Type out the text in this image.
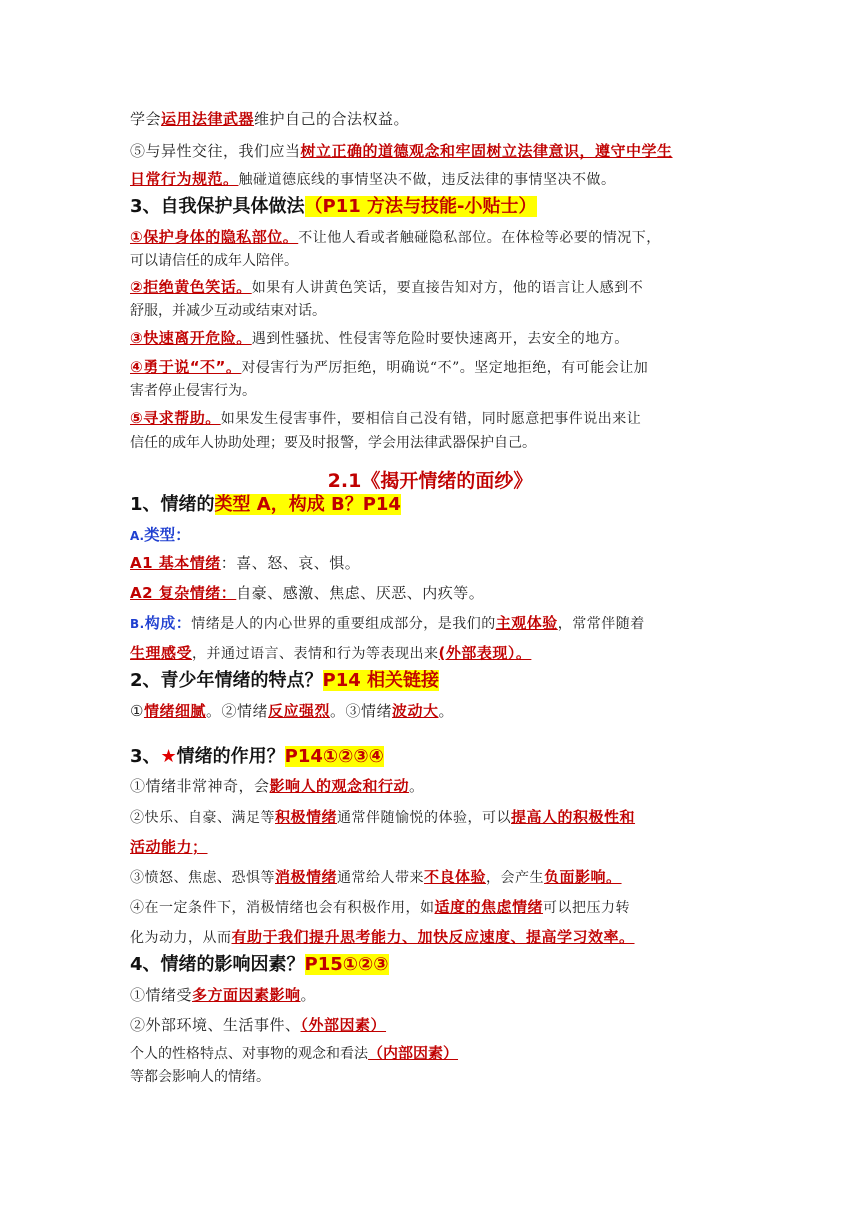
学会运用法律武器维护自己的合法权益。
⑤与异性交往，我们应当树立正确的道德观念和牢固树立法律意识，遵守中学生
日常行为规范。触碰道德底线的事情坚决不做，违反法律的事情坚决不做。
3、自我保护具体做法（P11 方法与技能-小贴士）
①保护身体的隐私部位。不让他人看或者触碰隐私部位。在体检等必要的情况下，
可以请信任的成年人陪伴。
②拒绝黄色笑话。如果有人讲黄色笑话，要直接告知对方，他的语言让人感到不
舒服，并减少互动或结束对话。
③快速离开危险。遇到性骚扰、性侵害等危险时要快速离开，去安全的地方。
④勇于说“不”。对侵害行为严厉拒绝，明确说“不”。坚定地拒绝，有可能会让加
害者停止侵害行为。
⑤寻求帮助。如果发生侵害事件，要相信自己没有错，同时愿意把事件说出来让
信任的成年人协助处理；要及时报警，学会用法律武器保护自己。
2.1《揭开情绪的面纱》
1、情绪的类型 A，构成 B？P14
A.类型：
A1 基本情绪：喜、怒、哀、惧。
A2 复杂情绪：自豪、感激、焦虑、厌恶、内疚等。
B.构成：情绪是人的内心世界的重要组成部分，是我们的主观体验，常常伴随着
生理感受，并通过语言、表情和行为等表现出来(外部表现）。
2、青少年情绪的特点？P14 相关链接
①情绪细腻。②情绪反应强烈。③情绪波动大。
3、★情绪的作用？P14①②③④
①情绪非常神奇，会影响人的观念和行动。
②快乐、自豪、满足等积极情绪通常伴随愉悦的体验，可以提高人的积极性和
活动能力；
③愤怒、焦虑、恐惧等消极情绪通常给人带来不良体验，会产生负面影响。
④在一定条件下，消极情绪也会有积极作用，如适度的焦虑情绪可以把压力转
化为动力，从而有助于我们提升思考能力、加快反应速度、提高学习效率。
4、情绪的影响因素？P15①②③
①情绪受多方面因素影响。
②外部环境、生活事件、（外部因素）
个人的性格特点、对事物的观念和看法（内部因素）
等都会影响人的情绪。
